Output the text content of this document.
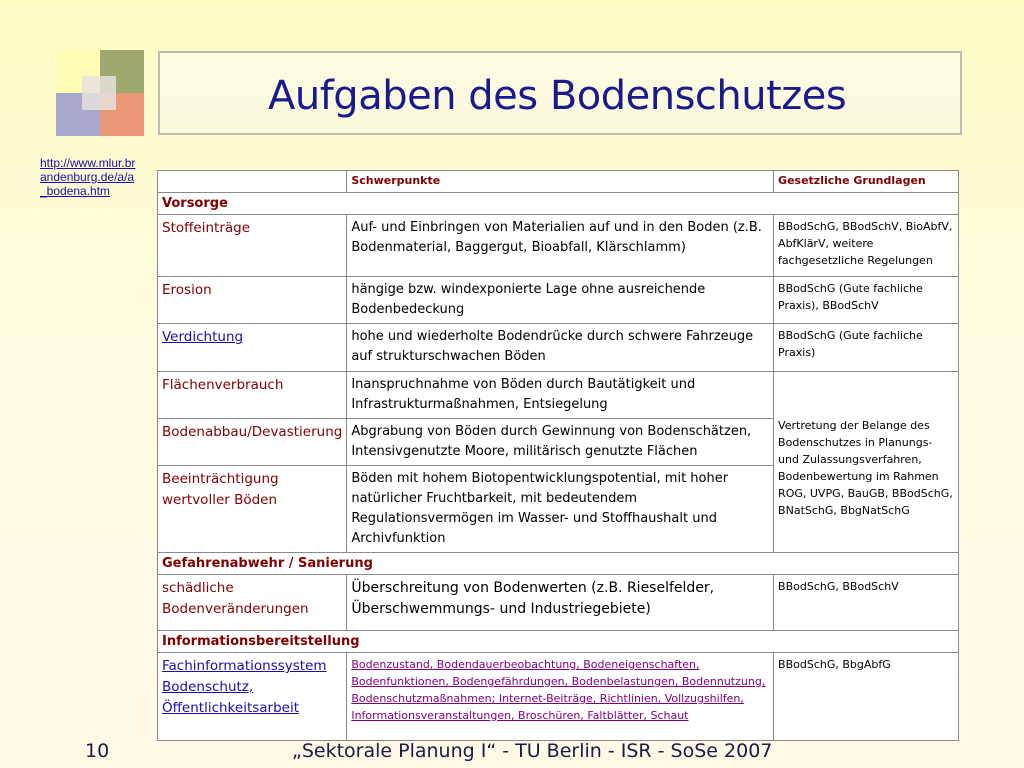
Aufgaben des Bodenschutzes
http://www.mlur.brandenburg.de/a/a_bodena.htm
	Schwerpunkte	Gesetzliche Grundlagen
Vorsorge		
Stoffeinträge	Auf- und Einbringen von Materialien auf und in den Boden (z.B. Bodenmaterial, Baggergut, Bioabfall, Klärschlamm)	BBodSchG, BBodSchV, BioAbfV, AbfKlärV, weitere fachgesetzliche Regelungen
Erosion	hängige bzw. windexponierte Lage ohne ausreichende Bodenbedeckung	BBodSchG (Gute fachliche Praxis), BBodSchV
Verdichtung	hohe und wiederholte Bodendrücke durch schwere Fahrzeuge auf strukturschwachen Böden	BBodSchG (Gute fachliche Praxis)
Flächenverbrauch	Inanspruchnahme von Böden durch Bautätigkeit und Infrastrukturmaßnahmen, Entsiegelung	Vertretung der Belange des Bodenschutzes in Planungs- und Zulassungsverfahren, Bodenbewertung im Rahmen ROG, UVPG, BauGB, BBodSchG, BNatSchG, BbgNatSchG
Bodenabbau/Devastierung	Abgrabung von Böden durch Gewinnung von Bodenschätzen, Intensivgenutzte Moore, militärisch genutzte Flächen	
Beeinträchtigung wertvoller Böden	Böden mit hohem Biotopentwicklungspotential, mit hoher natürlicher Fruchtbarkeit, mit bedeutendem Regulationsvermögen im Wasser- und Stoffhaushalt und Archivfunktion	
Gefahrenabwehr / Sanierung		
schädliche Bodenveränderungen	Überschreitung von Bodenwerten (z.B. Rieselfelder, Überschwemmungs- und Industriegebiete)	BBodSchG, BBodSchV
Informationsbereitstellung		
Fachinformationssystem Bodenschutz, Öffentlichkeitsarbeit	Bodenzustand, Bodendauerbeobachtung, Bodeneigenschaften, Bodenfunktionen, Bodengefährdungen, Bodenbelastungen, Bodennutzung, Bodenschutzmaßnahmen; Internet-Beiträge, Richtlinien, Vollzugshilfen, Informationsveranstaltungen, Broschüren, Faltblätter, Schaut	BBodSchG, BbgAbfG
10	„Sektorale Planung I“ - TU Berlin - ISR - SoSe 2007
